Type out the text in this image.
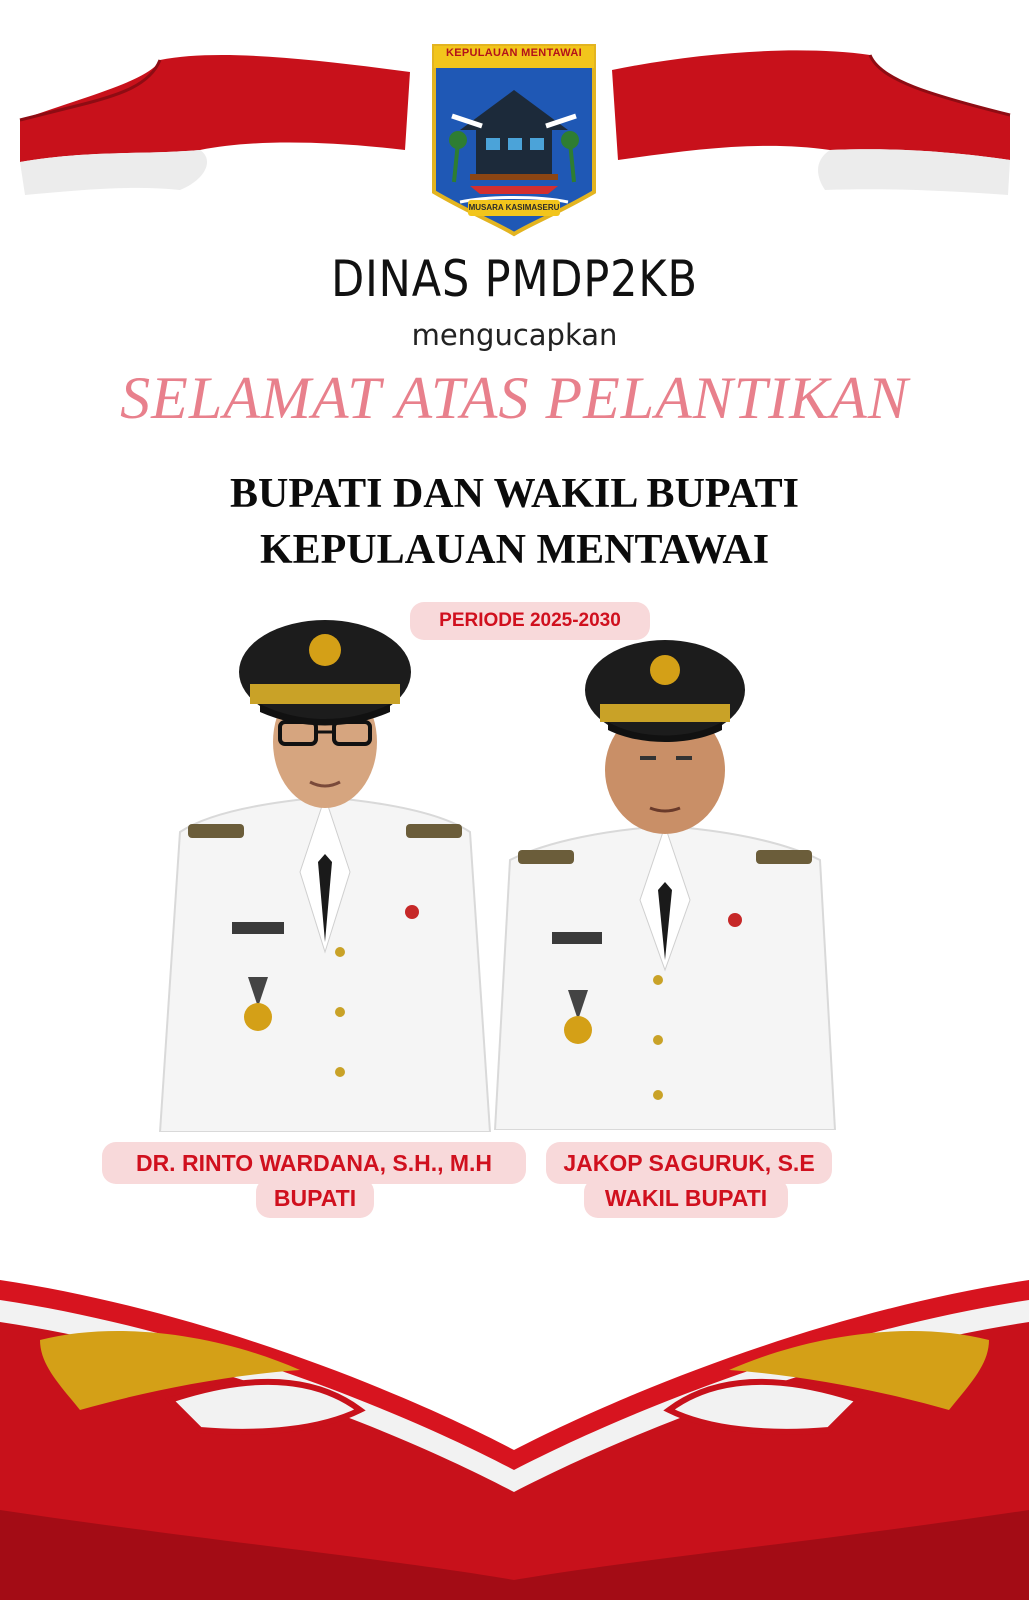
KEPULAUAN MENTAWAI
MUSARA KASIMASERU
DINAS PMDP2KB
mengucapkan
SELAMAT ATAS PELANTIKAN
BUPATI DAN WAKIL BUPATI
KEPULAUAN MENTAWAI
PERIODE 2025-2030
DR. RINTO WARDANA, S.H., M.H
BUPATI
JAKOP SAGURUK, S.E
WAKIL BUPATI
